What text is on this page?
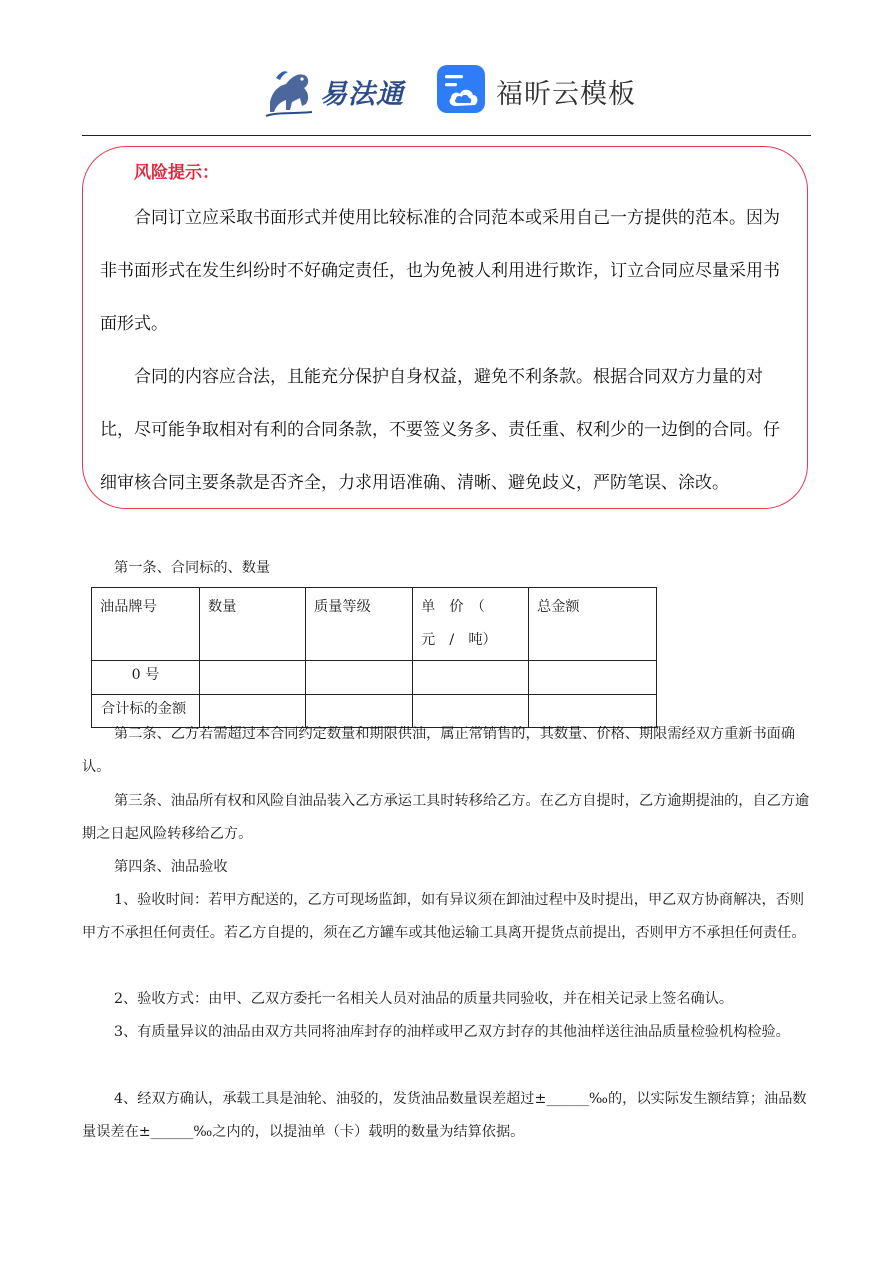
易法通	福昕云模板
风险提示：

合同订立应采取书面形式并使用比较标准的合同范本或采用自己一方提供的范本。因为非书面形式在发生纠纷时不好确定责任，也为免被人利用进行欺诈，订立合同应尽量采用书面形式。

合同的内容应合法，且能充分保护自身权益，避免不利条款。根据合同双方力量的对比，尽可能争取相对有利的合同条款，不要签义务多、责任重、权利少的一边倒的合同。仔细审核合同主要条款是否齐全，力求用语准确、清晰、避免歧义，严防笔误、涂改。

第一条、合同标的、数量
油品牌号	数量	质量等级	单　价　（　元　/　吨）	总金额
0 号				
合计标的金额				

第二条、乙方若需超过本合同约定数量和期限供油，属正常销售的，其数量、价格、期限需经双方重新书面确认。

第三条、油品所有权和风险自油品装入乙方承运工具时转移给乙方。在乙方自提时，乙方逾期提油的，自乙方逾期之日起风险转移给乙方。

第四条、油品验收

1、验收时间：若甲方配送的，乙方可现场监卸，如有异议须在卸油过程中及时提出，甲乙双方协商解决，否则甲方不承担任何责任。若乙方自提的，须在乙方罐车或其他运输工具离开提货点前提出，否则甲方不承担任何责任。

2、验收方式：由甲、乙双方委托一名相关人员对油品的质量共同验收，并在相关记录上签名确认。

3、有质量异议的油品由双方共同将油库封存的油样或甲乙双方封存的其他油样送往油品质量检验机构检验。

4、经双方确认，承载工具是油轮、油驳的，发货油品数量误差超过±______‰的，以实际发生额结算；油品数量误差在±______‰之内的，以提油单（卡）载明的数量为结算依据。
